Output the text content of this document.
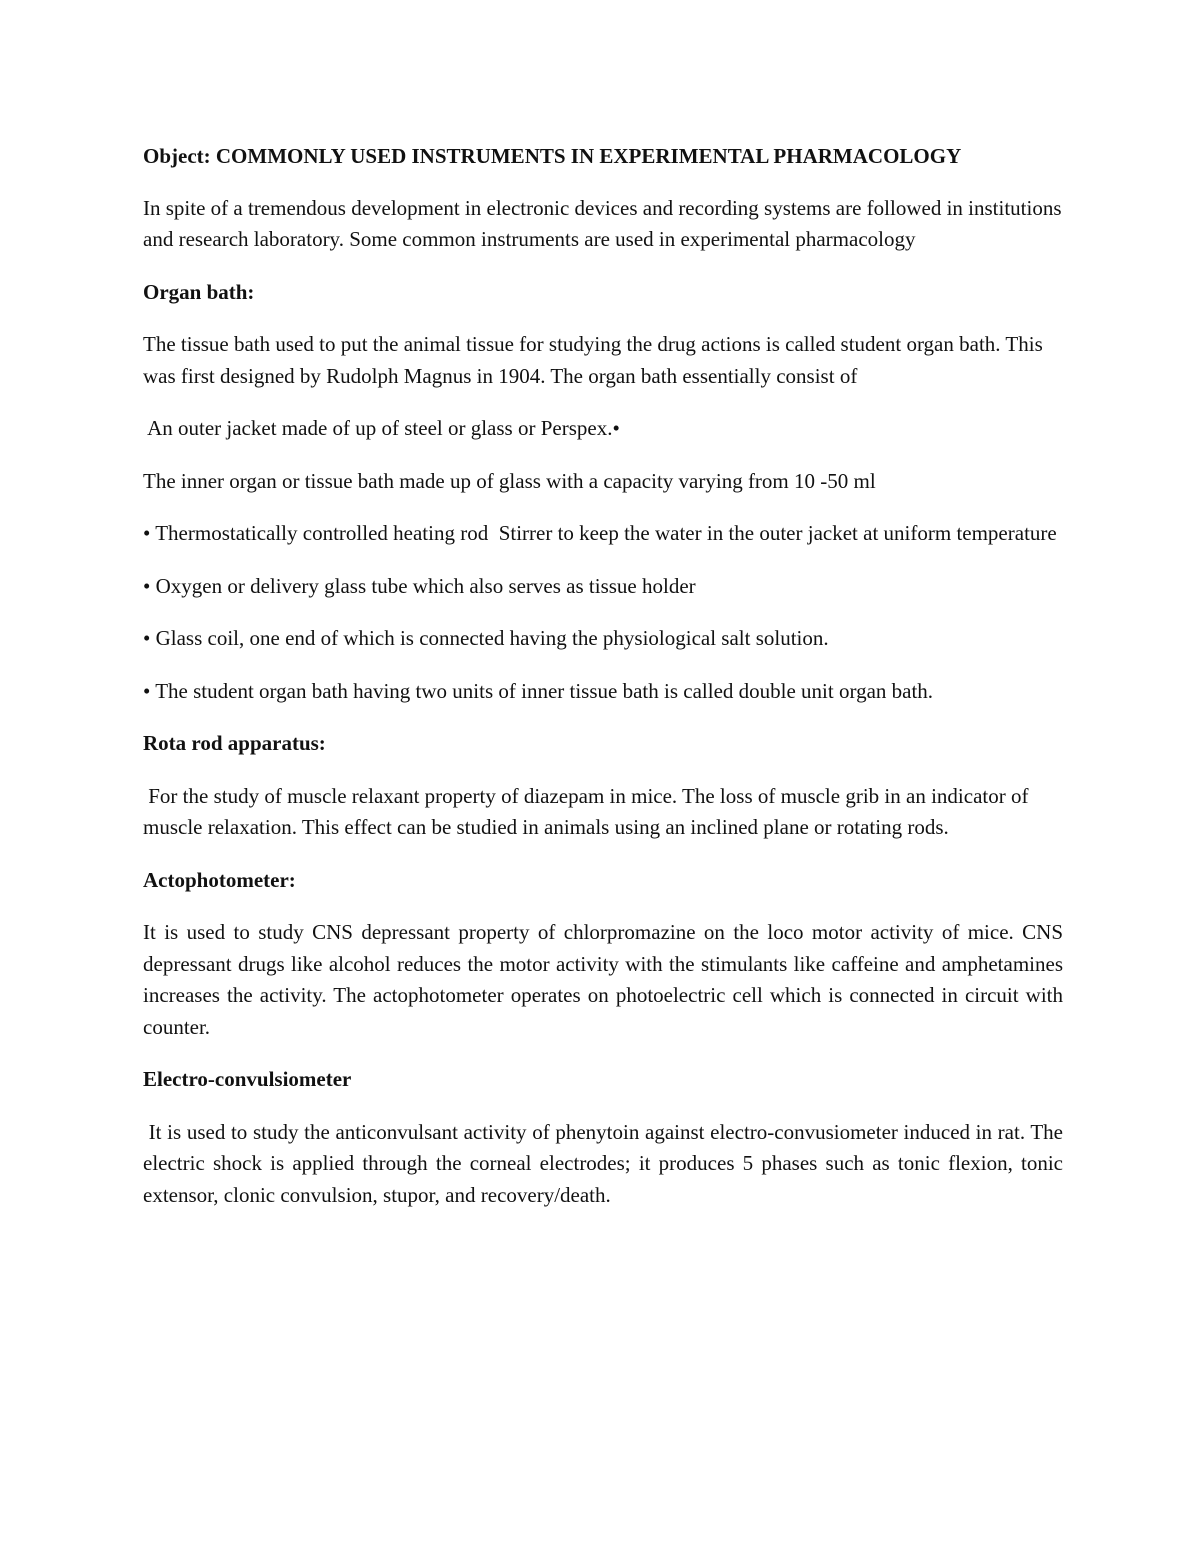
Object: COMMONLY USED INSTRUMENTS IN EXPERIMENTAL PHARMACOLOGY

In spite of a tremendous development in electronic devices and recording systems are followed in institutions and research laboratory. Some common instruments are used in experimental pharmacology

Organ bath:

The tissue bath used to put the animal tissue for studying the drug actions is called student organ bath. This was first designed by Rudolph Magnus in 1904. The organ bath essentially consist of

An outer jacket made of up of steel or glass or Perspex.•

The inner organ or tissue bath made up of glass with a capacity varying from 10 -50 ml

• Thermostatically controlled heating rod  Stirrer to keep the water in the outer jacket at uniform temperature

• Oxygen or delivery glass tube which also serves as tissue holder

• Glass coil, one end of which is connected having the physiological salt solution.

• The student organ bath having two units of inner tissue bath is called double unit organ bath.

Rota rod apparatus:

For the study of muscle relaxant property of diazepam in mice. The loss of muscle grib in an indicator of muscle relaxation. This effect can be studied in animals using an inclined plane or rotating rods.

Actophotometer:

It is used to study CNS depressant property of chlorpromazine on the loco motor activity of mice. CNS depressant drugs like alcohol reduces the motor activity with the stimulants like caffeine and amphetamines increases the activity. The actophotometer operates on photoelectric cell which is connected in circuit with counter.

Electro-convulsiometer

It is used to study the anticonvulsant activity of phenytoin against electro-convusiometer induced in rat. The electric shock is applied through the corneal electrodes; it produces 5 phases such as tonic flexion, tonic extensor, clonic convulsion, stupor, and recovery/death.
